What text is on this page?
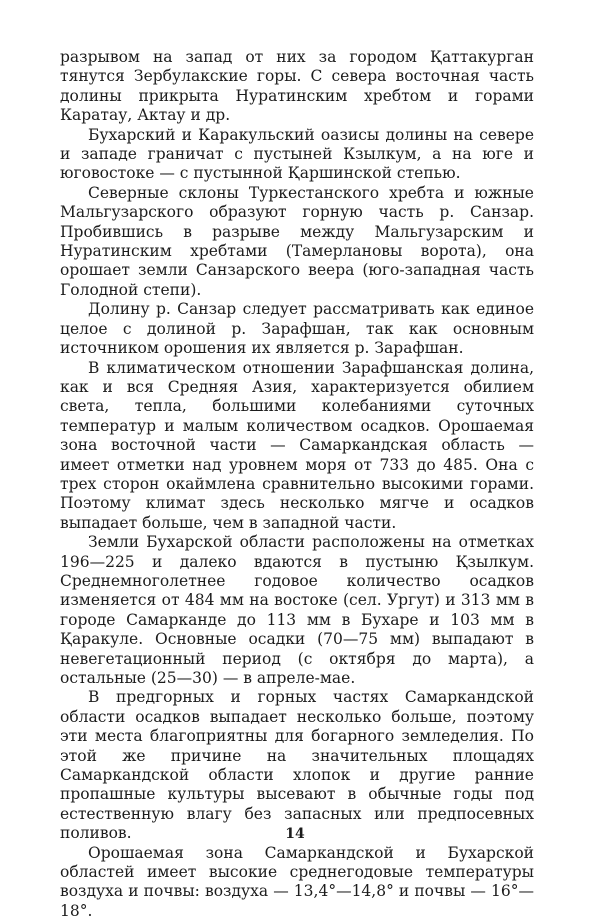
разрывом на запад от них за городом Қаттакурган тянутся Зербулакские горы. С севера восточная часть долины прикрыта Нуратинским хребтом и горами Каратау, Актау и др.

Бухарский и Каракульский оазисы долины на севере и западе граничат с пустыней Кзылкум, а на юге и юговостоке — с пустынной Қаршинской степью.

Северные склоны Туркестанского хребта и южные Мальгузарского образуют горную часть р. Санзар. Пробившись в разрыве между Мальгузарским и Нуратинским хребтами (Тамерлановы ворота), она орошает земли Санзарского веера (юго-западная часть Голодной степи).

Долину р. Санзар следует рассматривать как единое целое с долиной р. Зарафшан, так как основным источником орошения их является р. Зарафшан.

В климатическом отношении Зарафшанская долина, как и вся Средняя Азия, характеризуется обилием света, тепла, большими колебаниями суточных температур и малым количеством осадков. Орошаемая зона восточной части — Самаркандская область — имеет отметки над уровнем моря от 733 до 485. Она с трех сторон окаймлена сравнительно высокими горами. Поэтому климат здесь несколько мягче и осадков выпадает больше, чем в западной части.

Земли Бухарской области расположены на отметках 196—225 и далеко вдаются в пустыню Қзылкум. Среднемноголетнее годовое количество осадков изменяется от 484 мм на востоке (сел. Ургут) и 313 мм в городе Самарканде до 113 мм в Бухаре и 103 мм в Қаракуле. Основные осадки (70—75 мм) выпадают в невегетационный период (с октября до марта), а остальные (25—30) — в апреле-мае.

В предгорных и горных частях Самаркандской области осадков выпадает несколько больше, поэтому эти места благоприятны для богарного земледелия. По этой же причине на значительных площадях Самаркандской области хлопок и другие ранние пропашные культуры высевают в обычные годы под естественную влагу без запасных или предпосевных поливов.

Орошаемая зона Самаркандской и Бухарской областей имеет высокие среднегодовые температуры воздуха и почвы: воздуха — 13,4°—14,8° и почвы — 16°—18°.

14
